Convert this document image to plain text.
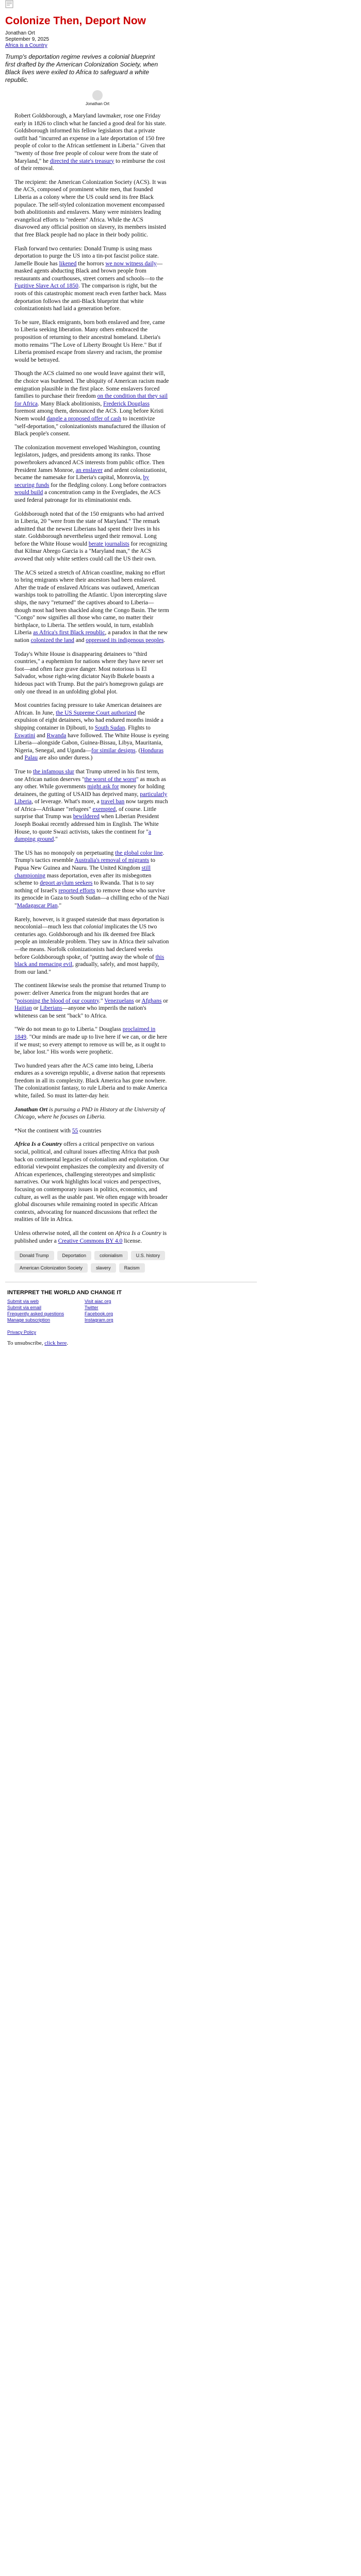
Colonize Then, Deport Now
Jonathan Ort
September 9, 2025
Africa is a Country
Trump's deportation regime revives a colonial blueprint first drafted by the American Colonization Society, when Black lives were exiled to Africa to safeguard a white republic.
Jonathan Ort

Robert Goldsborough, a Maryland lawmaker, rose one Friday early in 1826 to clinch what he fancied a good deal for his state. Goldsborough informed his fellow legislators that a private outfit had "incurred an expense in a late deportation of 150 free people of color to the African settlement in Liberia." Given that "twenty of those free people of colour were from the state of Maryland," he directed the state's treasury to reimburse the cost of their removal.

The recipient: the American Colonization Society (ACS). It was the ACS, composed of prominent white men, that founded Liberia as a colony where the US could send its free Black populace. The self-styled colonization movement encompassed both abolitionists and enslavers. Many were ministers leading evangelical efforts to "redeem" Africa. While the ACS disavowed any official position on slavery, its members insisted that free Black people had no place in their body politic.

Flash forward two centuries: Donald Trump is using mass deportation to purge the US into a tin-pot fascist police state. Jamelle Bouie has likened the horrors we now witness daily—masked agents abducting Black and brown people from restaurants and courthouses, street corners and schools—to the Fugitive Slave Act of 1850. The comparison is right, but the roots of this catastrophic moment reach even farther back. Mass deportation follows the anti-Black blueprint that white colonizationists had laid a generation before.

To be sure, Black emigrants, born both enslaved and free, came to Liberia seeking liberation. Many others embraced the proposition of returning to their ancestral homeland. Liberia's motto remains "The Love of Liberty Brought Us Here." But if Liberia promised escape from slavery and racism, the promise would be betrayed.

Though the ACS claimed no one would leave against their will, the choice was burdened. The ubiquity of American racism made emigration plausible in the first place. Some enslavers forced families to purchase their freedom on the condition that they sail for Africa. Many Black abolitionists, Frederick Douglass foremost among them, denounced the ACS. Long before Kristi Noem would dangle a proposed offer of cash to incentivize "self-deportation," colonizationists manufactured the illusion of Black people's consent.

The colonization movement enveloped Washington, counting legislators, judges, and presidents among its ranks. Those powerbrokers advanced ACS interests from public office. Then President James Monroe, an enslaver and ardent colonizationist, became the namesake for Liberia's capital, Monrovia, by securing funds for the fledgling colony. Long before contractors would build a concentration camp in the Everglades, the ACS used federal patronage for its eliminationist ends.

Goldsborough noted that of the 150 emigrants who had arrived in Liberia, 20 "were from the state of Maryland." The remark admitted that the newest Liberians had spent their lives in his state. Goldsborough nevertheless urged their removal. Long before the White House would berate journalists for recognizing that Kilmar Abrego Garcia is a "Maryland man," the ACS avowed that only white settlers could call the US their own.

The ACS seized a stretch of African coastline, making no effort to bring emigrants where their ancestors had been enslaved. After the trade of enslaved Africans was outlawed, American warships took to patrolling the Atlantic. Upon intercepting slave ships, the navy "returned" the captives aboard to Liberia—though most had been shackled along the Congo Basin. The term "Congo" now signifies all those who came, no matter their birthplace, to Liberia. The settlers would, in turn, establish Liberia as Africa's first Black republic, a paradox in that the new nation colonized the land and oppressed its indigenous peoples.

Today's White House is disappearing detainees to "third countries," a euphemism for nations where they have never set foot—and often face grave danger. Most notorious is El Salvador, whose right-wing dictator Nayib Bukele boasts a hideous pact with Trump. But the pair's homegrown gulags are only one thread in an unfolding global plot.

Most countries facing pressure to take American detainees are African. In June, the US Supreme Court authorized the expulsion of eight detainees, who had endured months inside a shipping container in Djibouti, to South Sudan. Flights to Eswatini and Rwanda have followed. The White House is eyeing Liberia—alongside Gabon, Guinea-Bissau, Libya, Mauritania, Nigeria, Senegal, and Uganda—for similar designs. (Honduras and Palau are also under duress.)

True to the infamous slur that Trump uttered in his first term, one African nation deserves "the worst of the worst" as much as any other. While governments might ask for money for holding detainees, the gutting of USAID has deprived many, particularly Liberia, of leverage. What's more, a travel ban now targets much of Africa—Afrikaner "refugees" exempted, of course. Little surprise that Trump was bewildered when Liberian President Joseph Boakai recently addressed him in English. The White House, to quote Swazi activists, takes the continent for "a dumping ground."

The US has no monopoly on perpetuating the global color line. Trump's tactics resemble Australia's removal of migrants to Papua New Guinea and Nauru. The United Kingdom still championing mass deportation, even after its misbegotten scheme to deport asylum seekers to Rwanda. That is to say nothing of Israel's reported efforts to remove those who survive its genocide in Gaza to South Sudan—a chilling echo of the Nazi "Madagascar Plan."

Rarely, however, is it grasped stateside that mass deportation is neocolonial—much less that colonial implicates the US two centuries ago. Goldsborough and his ilk deemed free Black people an intolerable problem. They saw in Africa their salvation—the means. Norfolk colonizationists had declared weeks before Goldsborough spoke, of "putting away the whole of this black and menacing evil, gradually, safely, and most happily, from our land."

The continent likewise seals the promise that returned Trump to power: deliver America from the migrant hordes that are "poisoning the blood of our country." Venezuelans or Afghans or Haitian or Liberians—anyone who imperils the nation's whiteness can be sent "back" to Africa.

"We do not mean to go to Liberia." Douglass proclaimed in 1849. "Our minds are made up to live here if we can, or die here if we must; so every attempt to remove us will be, as it ought to be, labor lost." His words were prophetic.

Two hundred years after the ACS came into being, Liberia endures as a sovereign republic, a diverse nation that represents freedom in all its complexity. Black America has gone nowhere. The colonizationist fantasy, to rule Liberia and to make America white, failed. So must its latter-day heir.

Jonathan Ort is pursuing a PhD in History at the University of Chicago, where he focuses on Liberia.

*Not the continent with 55 countries

Africa Is a Country offers a critical perspective on various social, political, and cultural issues affecting Africa that push back on continental legacies of colonialism and exploitation. Our editorial viewpoint emphasizes the complexity and diversity of African experiences, challenging stereotypes and simplistic narratives. Our work highlights local voices and perspectives, focusing on contemporary issues in politics, economics, and culture, as well as the usable past. We often engage with broader global discourses while remaining rooted in specific African contexts, advocating for nuanced discussions that reflect the realities of life in Africa.

Unless otherwise noted, all the content on Africa Is a Country is published under a Creative Commons BY 4.0 license.

Donald Trump	Deportation	colonialism	U.S. history
American Colonization Society	slavery	Racism
INTERPRET THE WORLD AND CHANGE IT
Submit via web	Visit aiac.org
Submit via email	Twitter
Frequently asked questions	Facebook.org
Manage subscription	Instagram.org
Privacy Policy
To unsubscribe, click here.
